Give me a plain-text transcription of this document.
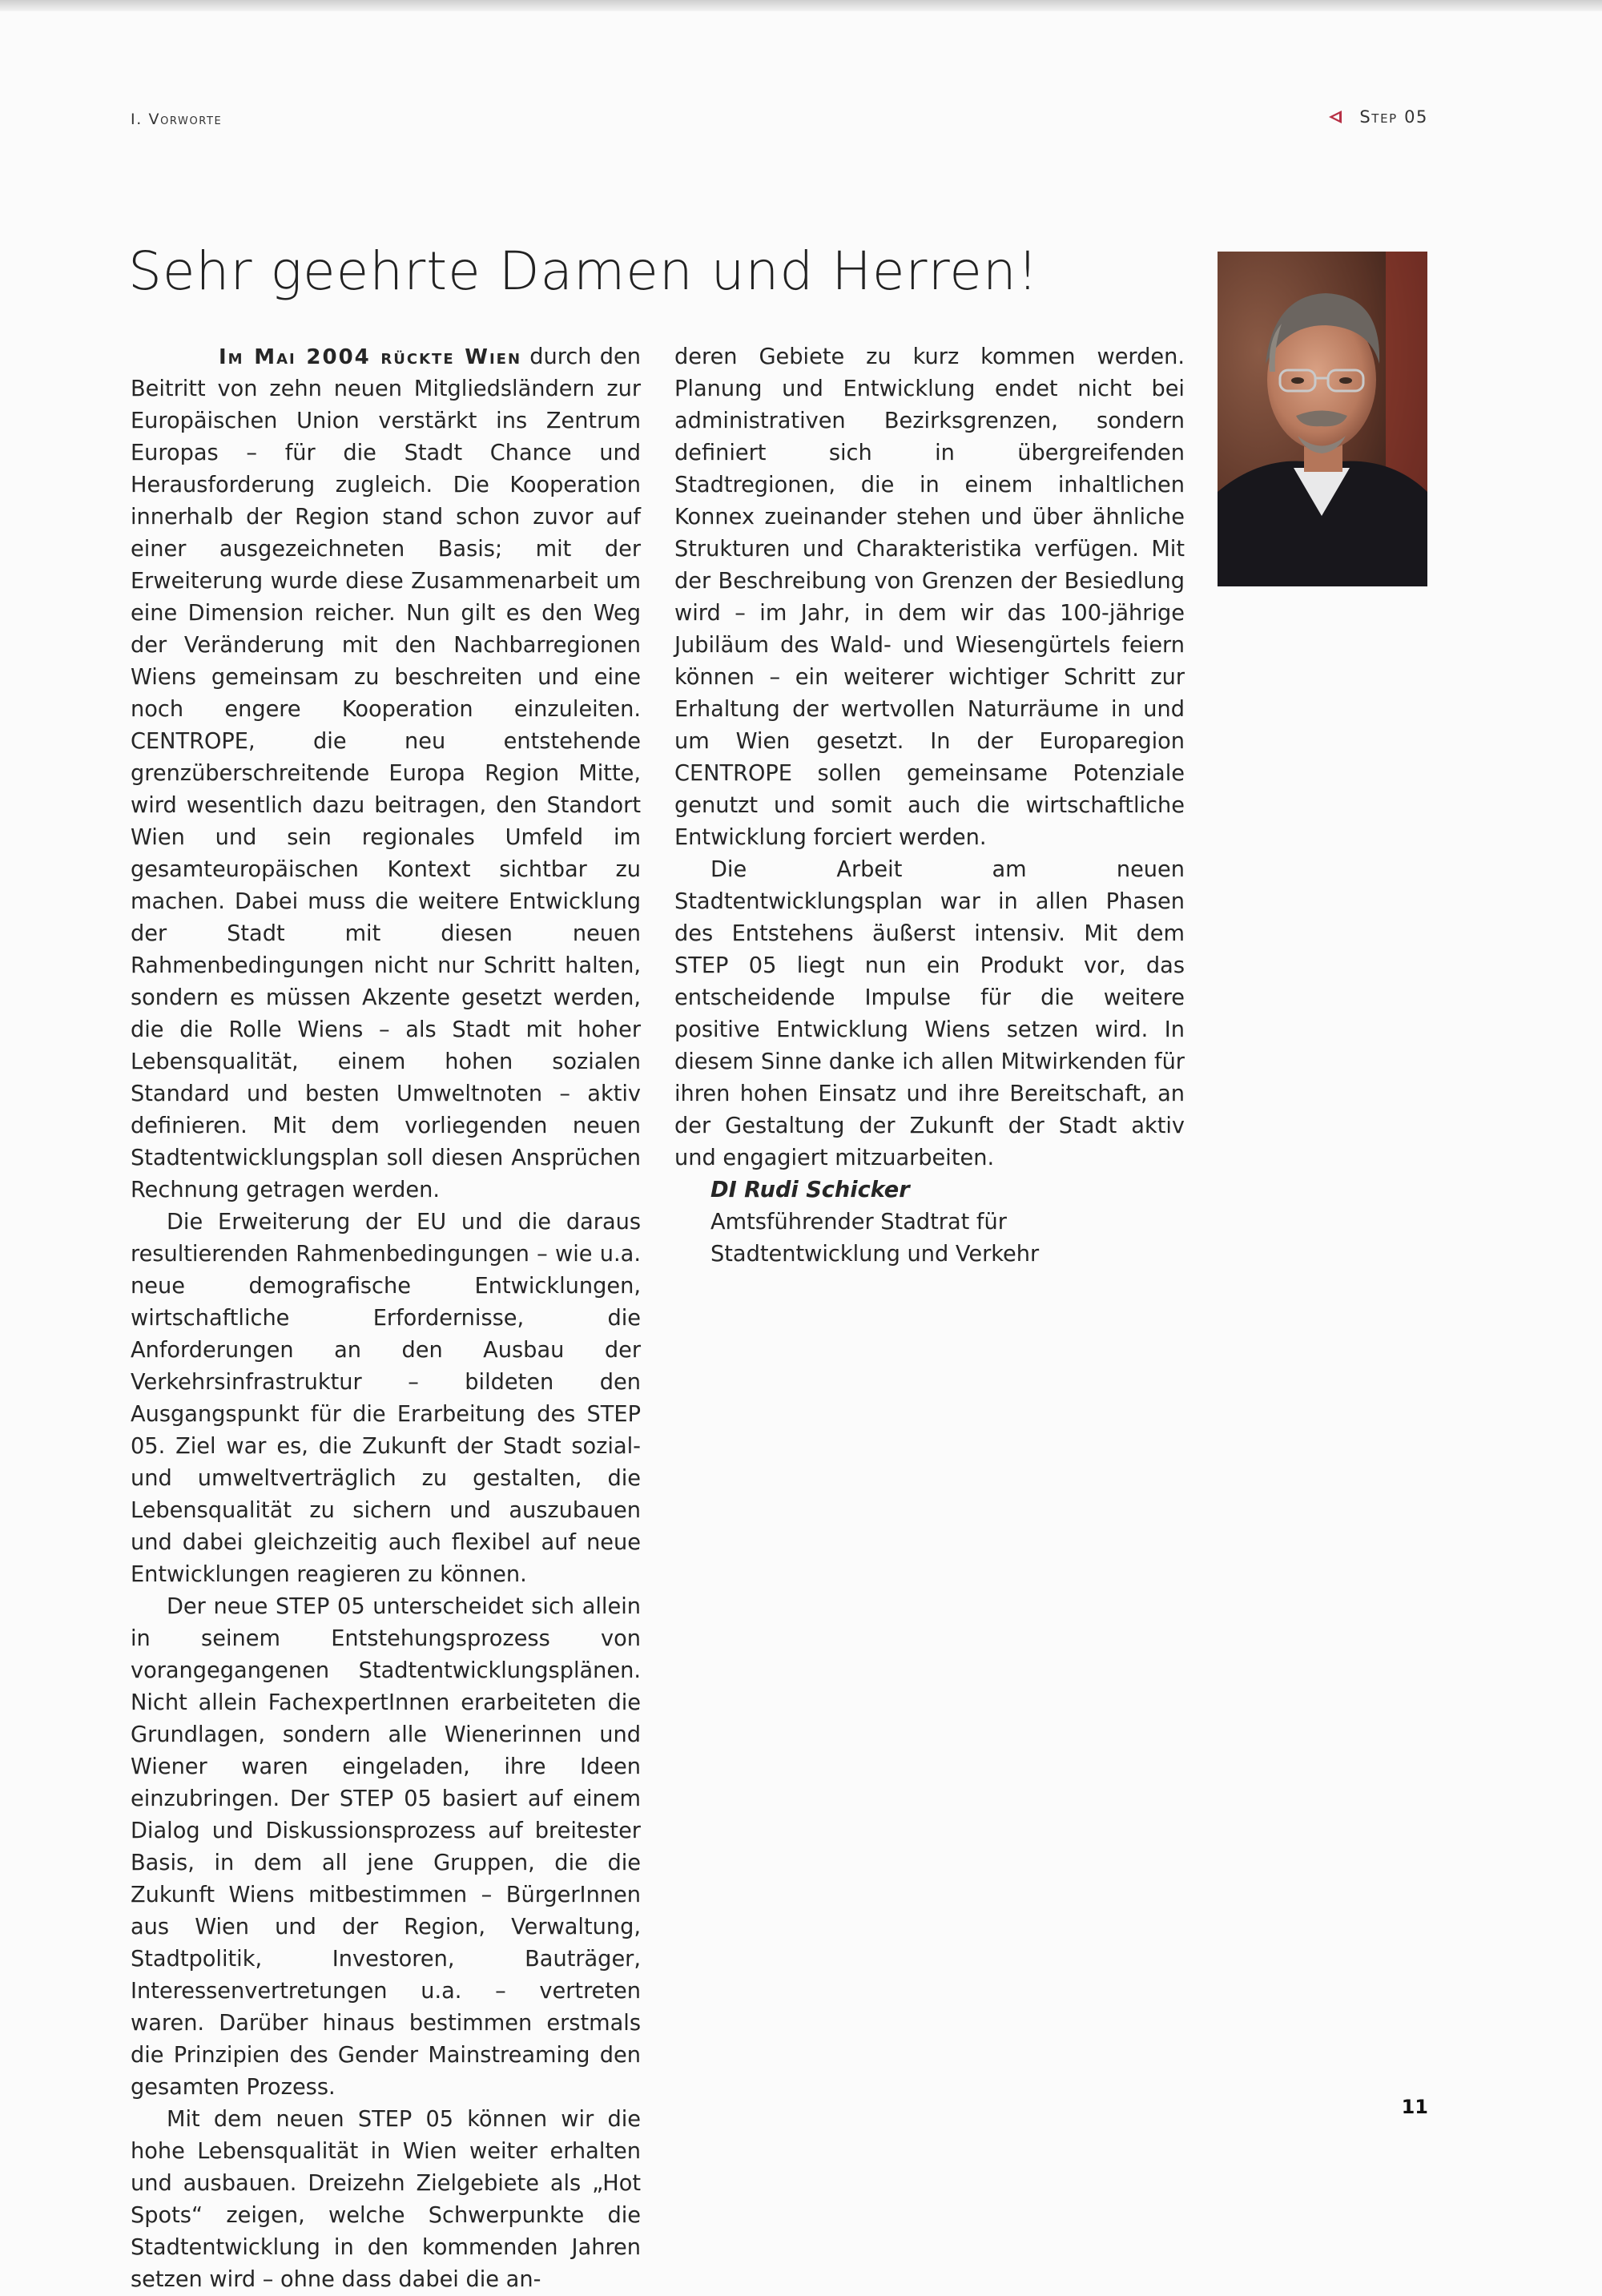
I. Vorworte	Step 05
Sehr geehrte Damen und Herren!

Im Mai 2004 rückte Wien durch den Beitritt von zehn neuen Mitgliedsländern zur Europäischen Union verstärkt ins Zentrum Europas – für die Stadt Chance und Herausforderung zugleich. Die Kooperation innerhalb der Region stand schon zuvor auf einer ausgezeichneten Basis; mit der Erweiterung wurde diese Zusammenarbeit um eine Dimension reicher. Nun gilt es den Weg der Veränderung mit den Nachbarregionen Wiens gemeinsam zu beschreiten und eine noch engere Kooperation einzuleiten. CENTROPE, die neu entstehende grenzüberschreitende Europa Region Mitte, wird wesentlich dazu beitragen, den Standort Wien und sein regionales Umfeld im gesamteuropäischen Kontext sichtbar zu machen. Dabei muss die weitere Entwicklung der Stadt mit diesen neuen Rahmenbedingungen nicht nur Schritt halten, sondern es müssen Akzente gesetzt werden, die die Rolle Wiens – als Stadt mit hoher Lebensqualität, einem hohen sozialen Standard und besten Umweltnoten – aktiv definieren. Mit dem vorliegenden neuen Stadtentwicklungsplan soll diesen Ansprüchen Rechnung getragen werden.

Die Erweiterung der EU und die daraus resultierenden Rahmenbedingungen – wie u.a. neue demografische Entwicklungen, wirtschaftliche Erfordernisse, die Anforderungen an den Ausbau der Verkehrsinfrastruktur – bildeten den Ausgangspunkt für die Erarbeitung des STEP 05. Ziel war es, die Zukunft der Stadt sozial- und umweltverträglich zu gestalten, die Lebensqualität zu sichern und auszubauen und dabei gleichzeitig auch flexibel auf neue Entwicklungen reagieren zu können.

Der neue STEP 05 unterscheidet sich allein in seinem Entstehungsprozess von vorangegangenen Stadtentwicklungsplänen. Nicht allein FachexpertInnen erarbeiteten die Grundlagen, sondern alle Wienerinnen und Wiener waren eingeladen, ihre Ideen einzubringen. Der STEP 05 basiert auf einem Dialog und Diskussionsprozess auf breitester Basis, in dem all jene Gruppen, die die Zukunft Wiens mitbestimmen – BürgerInnen aus Wien und der Region, Verwaltung, Stadtpolitik, Investoren, Bauträger, Interessenvertretungen u.a. – vertreten waren. Darüber hinaus bestimmen erstmals die Prinzipien des Gender Mainstreaming den gesamten Prozess.

Mit dem neuen STEP 05 können wir die hohe Lebensqualität in Wien weiter erhalten und ausbauen. Dreizehn Zielgebiete als „Hot Spots“ zeigen, welche Schwerpunkte die Stadtentwicklung in den kommenden Jahren setzen wird – ohne dass dabei die an-

deren Gebiete zu kurz kommen werden. Planung und Entwicklung endet nicht bei administrativen Bezirksgrenzen, sondern definiert sich in übergreifenden Stadtregionen, die in einem inhaltlichen Konnex zueinander stehen und über ähnliche Strukturen und Charakteristika verfügen. Mit der Beschreibung von Grenzen der Besiedlung wird – im Jahr, in dem wir das 100-jährige Jubiläum des Wald- und Wiesengürtels feiern können – ein weiterer wichtiger Schritt zur Erhaltung der wertvollen Naturräume in und um Wien gesetzt. In der Europaregion CENTROPE sollen gemeinsame Potenziale genutzt und somit auch die wirtschaftliche Entwicklung forciert werden.

Die Arbeit am neuen Stadtentwicklungsplan war in allen Phasen des Entstehens äußerst intensiv. Mit dem STEP 05 liegt nun ein Produkt vor, das entscheidende Impulse für die weitere positive Entwicklung Wiens setzen wird. In diesem Sinne danke ich allen Mitwirkenden für ihren hohen Einsatz und ihre Bereitschaft, an der Gestaltung der Zukunft der Stadt aktiv und engagiert mitzuarbeiten.

DI Rudi Schicker

Amtsführender Stadtrat für

Stadtentwicklung und Verkehr

11
